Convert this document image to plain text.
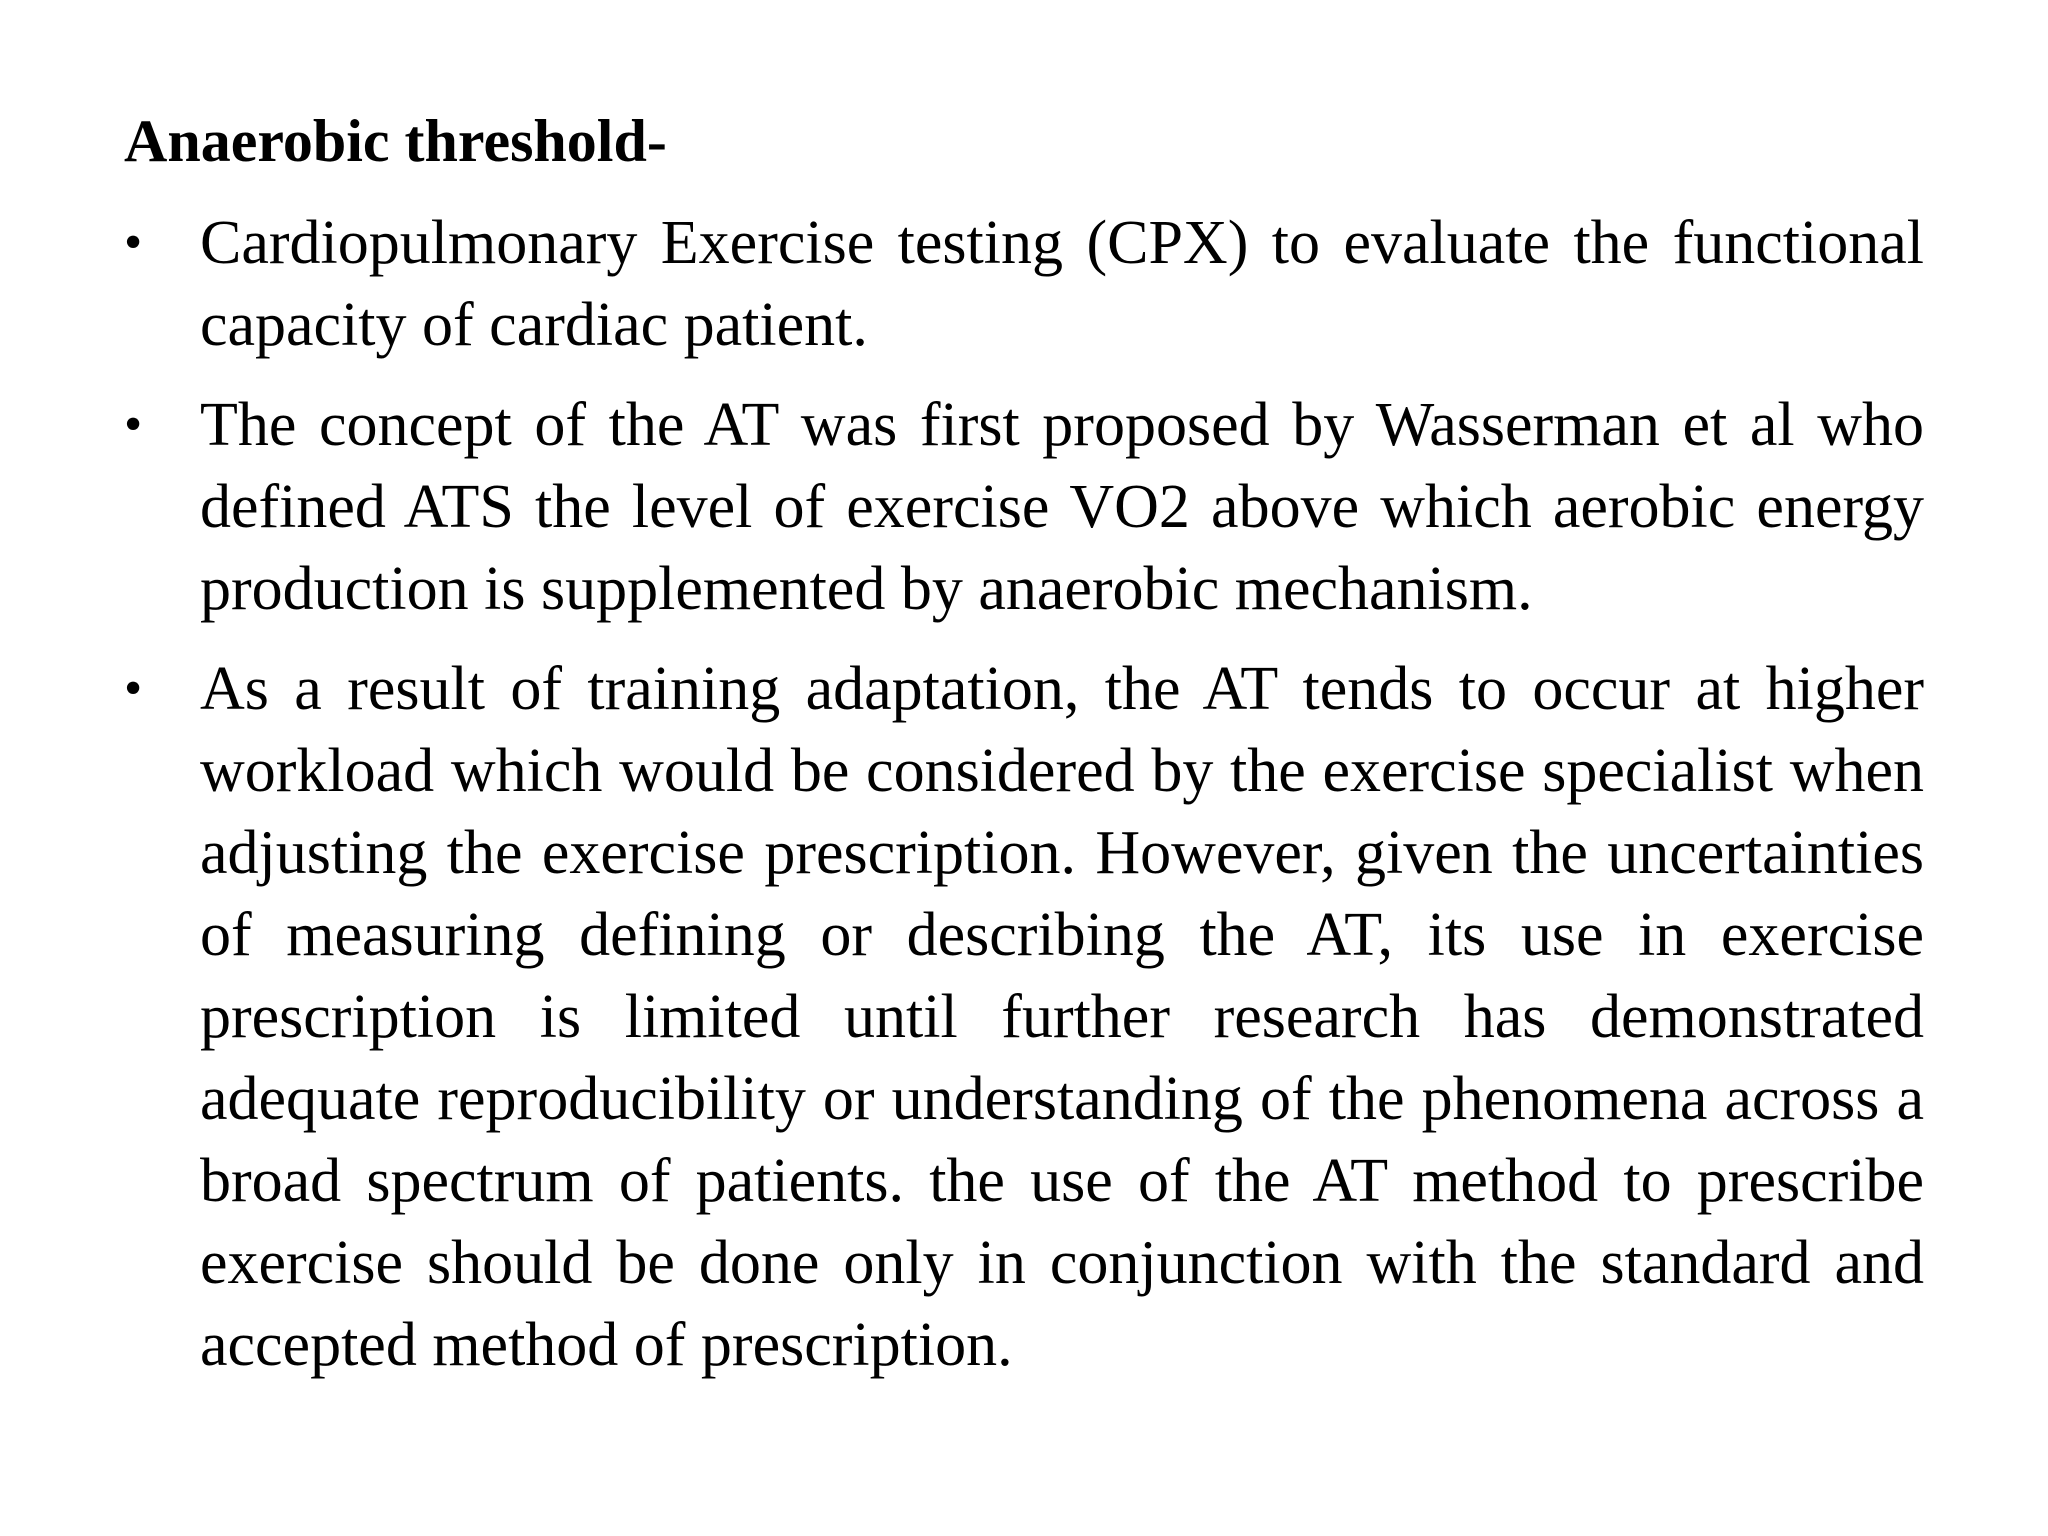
Anaerobic threshold-
• Cardiopulmonary Exercise testing (CPX) to evaluate the functional capacity of cardiac patient.
• The concept of the AT was first proposed by Wasserman et al who defined ATS the level of exercise VO2 above which aerobic energy production is supplemented by anaerobic mechanism.
• As a result of training adaptation, the AT tends to occur at higher workload which would be considered by the exercise specialist when adjusting the exercise prescription. However, given the uncertainties of measuring defining or describing the AT, its use in exercise prescription is limited until further research has demonstrated adequate reproducibility or understanding of the phenomena across a broad spectrum of patients. the use of the AT method to prescribe exercise should be done only in conjunction with the standard and accepted method of prescription.
